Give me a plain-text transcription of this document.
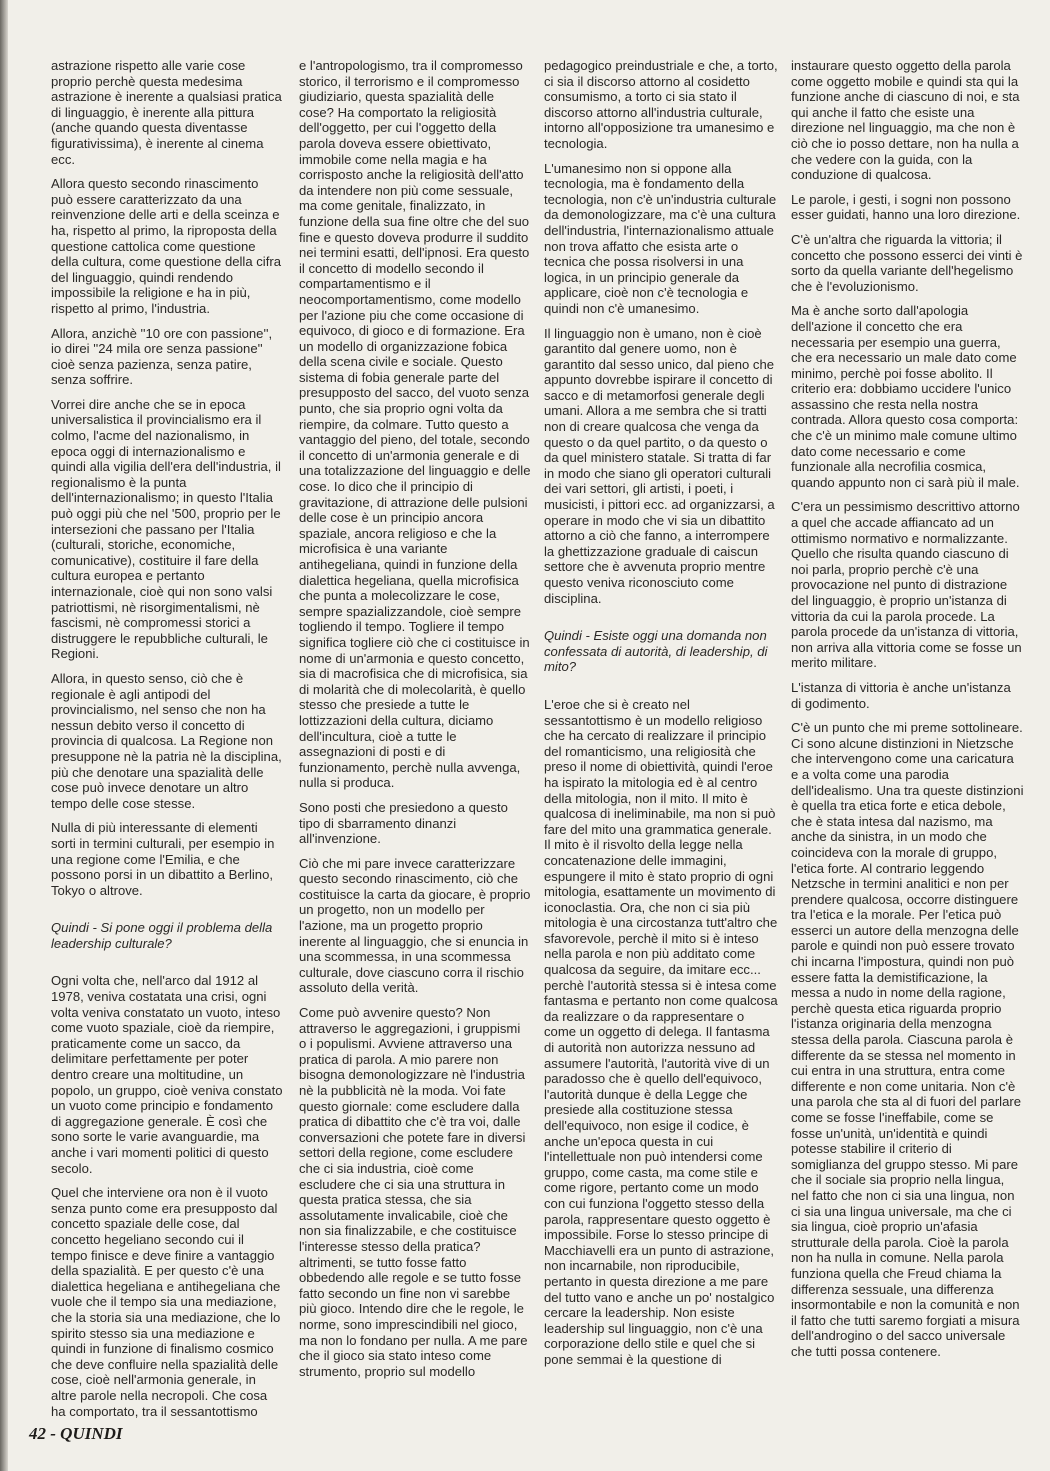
astrazione rispetto alle varie cose proprio perchè questa medesima astrazione è inerente a qualsiasi pratica di linguaggio, è inerente alla pittura (anche quando questa diventasse figurativissima), è inerente al cinema ecc.

Allora questo secondo rinascimento può essere caratterizzato da una reinvenzione delle arti e della sceinza e ha, rispetto al primo, la riproposta della questione cattolica come questione della cultura, come questione della cifra del linguaggio, quindi rendendo impossibile la religione e ha in più, rispetto al primo, l'industria.

Allora, anzichè ''10 ore con passione'', io direi ''24 mila ore senza passione'' cioè senza pazienza, senza patire, senza soffrire.

Vorrei dire anche che se in epoca universalistica il provincialismo era il colmo, l'acme del nazionalismo, in epoca oggi di internazionalismo e quindi alla vigilia dell'era dell'industria, il regionalismo è la punta dell'internazionalismo; in questo l'Italia può oggi più che nel '500, proprio per le intersezioni che passano per l'Italia (culturali, storiche, economiche, comunicative), costituire il fare della cultura europea e pertanto internazionale, cioè qui non sono valsi patriottismi, nè risorgimentalismi, nè fascismi, nè compromessi storici a distruggere le repubbliche culturali, le Regioni.

Allora, in questo senso, ciò che è regionale è agli antipodi del provincialismo, nel senso che non ha nessun debito verso il concetto di provincia di qualcosa. La Regione non presuppone nè la patria nè la disciplina, più che denotare una spazialità delle cose può invece denotare un altro tempo delle cose stesse.

Nulla di più interessante di elementi sorti in termini culturali, per esempio in una regione come l'Emilia, e che possono porsi in un dibattito a Berlino, Tokyo o altrove.

Quindi - Si pone oggi il problema della leadership culturale?

Ogni volta che, nell'arco dal 1912 al 1978, veniva costatata una crisi, ogni volta veniva constatato un vuoto, inteso come vuoto spaziale, cioè da riempire, praticamente come un sacco, da delimitare perfettamente per poter dentro creare una moltitudine, un popolo, un gruppo, cioè veniva constato un vuoto come principio e fondamento di aggregazione generale. È così che sono sorte le varie avanguardie, ma anche i vari momenti politici di questo secolo.

Quel che interviene ora non è il vuoto senza punto come era presupposto dal concetto spaziale delle cose, dal concetto hegeliano secondo cui il tempo finisce e deve finire a vantaggio della spazialità. E per questo c'è una dialettica hegeliana e antihegeliana che vuole che il tempo sia una mediazione, che la storia sia una mediazione, che lo spirito stesso sia una mediazione e quindi in funzione di finalismo cosmico che deve confluire nella spazialità delle cose, cioè nell'armonia generale, in altre parole nella necropoli. Che cosa ha comportato, tra il sessantottismo

e l'antropologismo, tra il compromesso storico, il terrorismo e il compromesso giudiziario, questa spazialità delle cose? Ha comportato la religiosità dell'oggetto, per cui l'oggetto della parola doveva essere obiettivato, immobile come nella magia e ha corrisposto anche la religiosità dell'atto da intendere non più come sessuale, ma come genitale, finalizzato, in funzione della sua fine oltre che del suo fine e questo doveva produrre il suddito nei termini esatti, dell'ipnosi. Era questo il concetto di modello secondo il compartamentismo e il neocomportamentismo, come modello per l'azione piu che come occasione di equivoco, di gioco e di formazione. Era un modello di organizzazione fobica della scena civile e sociale. Questo sistema di fobia generale parte del presupposto del sacco, del vuoto senza punto, che sia proprio ogni volta da riempire, da colmare. Tutto questo a vantaggio del pieno, del totale, secondo il concetto di un'armonia generale e di una totalizzazione del linguaggio e delle cose. Io dico che il principio di gravitazione, di attrazione delle pulsioni delle cose è un principio ancora spaziale, ancora religioso e che la microfisica è una variante antihegeliana, quindi in funzione della dialettica hegeliana, quella microfisica che punta a molecolizzare le cose, sempre spazializzandole, cioè sempre togliendo il tempo. Togliere il tempo significa togliere ciò che ci costituisce in nome di un'armonia e questo concetto, sia di macrofisica che di microfisica, sia di molarità che di molecolarità, è quello stesso che presiede a tutte le lottizzazioni della cultura, diciamo dell'incultura, cioè a tutte le assegnazioni di posti e di funzionamento, perchè nulla avvenga, nulla si produca.

Sono posti che presiedono a questo tipo di sbarramento dinanzi all'invenzione.

Ciò che mi pare invece caratterizzare questo secondo rinascimento, ciò che costituisce la carta da giocare, è proprio un progetto, non un modello per l'azione, ma un progetto proprio inerente al linguaggio, che si enuncia in una scommessa, in una scommessa culturale, dove ciascuno corra il rischio assoluto della verità.

Come può avvenire questo? Non attraverso le aggregazioni, i gruppismi o i populismi. Avviene attraverso una pratica di parola. A mio parere non bisogna demonologizzare nè l'industria nè la pubblicità nè la moda. Voi fate questo giornale: come escludere dalla pratica di dibattito che c'è tra voi, dalle conversazioni che potete fare in diversi settori della regione, come escludere che ci sia industria, cioè come escludere che ci sia una struttura in questa pratica stessa, che sia assolutamente invalicabile, cioè che non sia finalizzabile, e che costituisce l'interesse stesso della pratica? altrimenti, se tutto fosse fatto obbedendo alle regole e se tutto fosse fatto secondo un fine non vi sarebbe più gioco. Intendo dire che le regole, le norme, sono imprescindibili nel gioco, ma non lo fondano per nulla. A me pare che il gioco sia stato inteso come strumento, proprio sul modello

pedagogico preindustriale e che, a torto, ci sia il discorso attorno al cosidetto consumismo, a torto ci sia stato il discorso attorno all'industria culturale, intorno all'opposizione tra umanesimo e tecnologia.

L'umanesimo non si oppone alla tecnologia, ma è fondamento della tecnologia, non c'è un'industria culturale da demonologizzare, ma c'è una cultura dell'industria, l'internazionalismo attuale non trova affatto che esista arte o tecnica che possa risolversi in una logica, in un principio generale da applicare, cioè non c'è tecnologia e quindi non c'è umanesimo.

Il linguaggio non è umano, non è cioè garantito dal genere uomo, non è garantito dal sesso unico, dal pieno che appunto dovrebbe ispirare il concetto di sacco e di metamorfosi generale degli umani. Allora a me sembra che si tratti non di creare qualcosa che venga da questo o da quel partito, o da questo o da quel ministero statale. Si tratta di far in modo che siano gli operatori culturali dei vari settori, gli artisti, i poeti, i musicisti, i pittori ecc. ad organizzarsi, a operare in modo che vi sia un dibattito attorno a ciò che fanno, a interrompere la ghettizzazione graduale di caiscun settore che è avvenuta proprio mentre questo veniva riconosciuto come disciplina.

Quindi - Esiste oggi una domanda non confessata di autorità, di leadership, di mito?

L'eroe che si è creato nel sessantottismo è un modello religioso che ha cercato di realizzare il principio del romanticismo, una religiosità che preso il nome di obiettività, quindi l'eroe ha ispirato la mitologia ed è al centro della mitologia, non il mito. Il mito è qualcosa di ineliminabile, ma non si può fare del mito una grammatica generale. Il mito è il risvolto della legge nella concatenazione delle immagini, espungere il mito è stato proprio di ogni mitologia, esattamente un movimento di iconoclastia. Ora, che non ci sia più mitologia è una circostanza tutt'altro che sfavorevole, perchè il mito si è inteso nella parola e non più additato come qualcosa da seguire, da imitare ecc... perchè l'autorità stessa si è intesa come fantasma e pertanto non come qualcosa da realizzare o da rappresentare o come un oggetto di delega. Il fantasma di autorità non autorizza nessuno ad assumere l'autorità, l'autorità vive di un paradosso che è quello dell'equivoco, l'autorità dunque è della Legge che presiede alla costituzione stessa dell'equivoco, non esige il codice, è anche un'epoca questa in cui l'intellettuale non può intendersi come gruppo, come casta, ma come stile e come rigore, pertanto come un modo con cui funziona l'oggetto stesso della parola, rappresentare questo oggetto è impossibile. Forse lo stesso principe di Macchiavelli era un punto di astrazione, non incarnabile, non riproducibile, pertanto in questa direzione a me pare del tutto vano e anche un po' nostalgico cercare la leadership. Non esiste leadership sul linguaggio, non c'è una corporazione dello stile e quel che si pone semmai è la questione di

instaurare questo oggetto della parola come oggetto mobile e quindi sta qui la funzione anche di ciascuno di noi, e sta qui anche il fatto che esiste una direzione nel linguaggio, ma che non è ciò che io posso dettare, non ha nulla a che vedere con la guida, con la conduzione di qualcosa.

Le parole, i gesti, i sogni non possono esser guidati, hanno una loro direzione.

C'è un'altra che riguarda la vittoria; il concetto che possono esserci dei vinti è sorto da quella variante dell'hegelismo che è l'evoluzionismo.

Ma è anche sorto dall'apologia dell'azione il concetto che era necessaria per esempio una guerra, che era necessario un male dato come minimo, perchè poi fosse abolito. Il criterio era: dobbiamo uccidere l'unico assassino che resta nella nostra contrada. Allora questo cosa comporta: che c'è un minimo male comune ultimo dato come necessario e come funzionale alla necrofilia cosmica, quando appunto non ci sarà più il male.

C'era un pessimismo descrittivo attorno a quel che accade affiancato ad un ottimismo normativo e normalizzante. Quello che risulta quando ciascuno di noi parla, proprio perchè c'è una provocazione nel punto di distrazione del linguaggio, è proprio un'istanza di vittoria da cui la parola procede. La parola procede da un'istanza di vittoria, non arriva alla vittoria come se fosse un merito militare.

L'istanza di vittoria è anche un'istanza di godimento.

C'è un punto che mi preme sottolineare. Ci sono alcune distinzioni in Nietzsche che intervengono come una caricatura e a volta come una parodia dell'idealismo. Una tra queste distinzioni è quella tra etica forte e etica debole, che è stata intesa dal nazismo, ma anche da sinistra, in un modo che coincideva con la morale di gruppo, l'etica forte. Al contrario leggendo Netzsche in termini analitici e non per prendere qualcosa, occorre distinguere tra l'etica e la morale. Per l'etica può esserci un autore della menzogna delle parole e quindi non può essere trovato chi incarna l'impostura, quindi non può essere fatta la demistificazione, la messa a nudo in nome della ragione, perchè questa etica riguarda proprio l'istanza originaria della menzogna stessa della parola. Ciascuna parola è differente da se stessa nel momento in cui entra in una struttura, entra come differente e non come unitaria. Non c'è una parola che sta al di fuori del parlare come se fosse l'ineffabile, come se fosse un'unità, un'identità e quindi potesse stabilire il criterio di somiglianza del gruppo stesso. Mi pare che il sociale sia proprio nella lingua, nel fatto che non ci sia una lingua, non ci sia una lingua universale, ma che ci sia lingua, cioè proprio un'afasia strutturale della parola. Cioè la parola non ha nulla in comune. Nella parola funziona quella che Freud chiama la differenza sessuale, una differenza insormontabile e non la comunità e non il fatto che tutti saremo forgiati a misura dell'androgino o del sacco universale che tutti possa contenere.

42 - QUINDI
